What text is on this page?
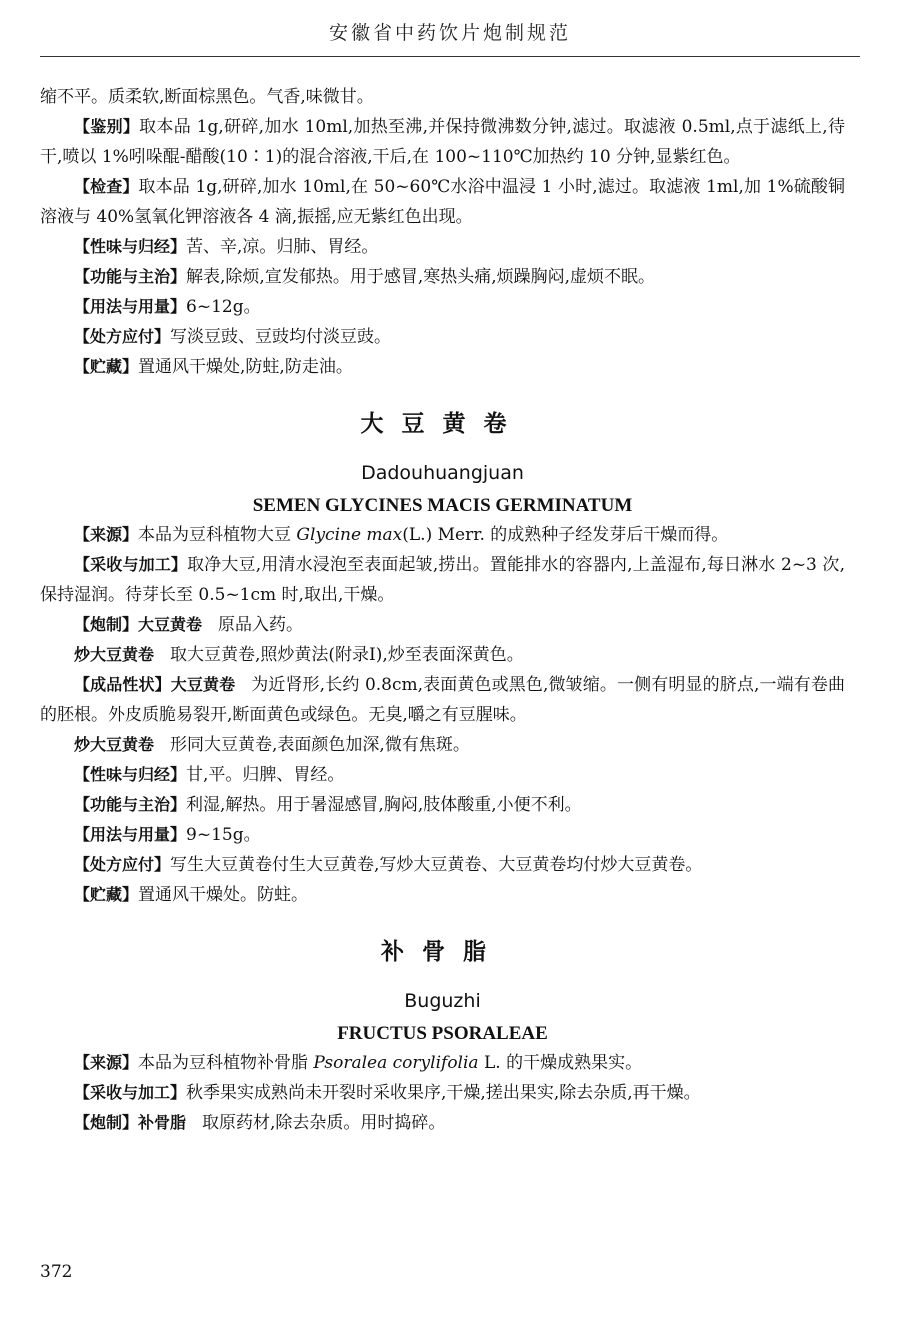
安徽省中药饮片炮制规范

缩不平。质柔软,断面棕黑色。气香,味微甘。

【鉴别】取本品 1g,研碎,加水 10ml,加热至沸,并保持微沸数分钟,滤过。取滤液 0.5ml,点于滤纸上,待干,喷以 1%吲哚醌-醋酸(10∶1)的混合溶液,干后,在 100~110℃加热约 10 分钟,显紫红色。

【检查】取本品 1g,研碎,加水 10ml,在 50~60℃水浴中温浸 1 小时,滤过。取滤液 1ml,加 1%硫酸铜溶液与 40%氢氧化钾溶液各 4 滴,振摇,应无紫红色出现。

【性味与归经】苦、辛,凉。归肺、胃经。

【功能与主治】解表,除烦,宣发郁热。用于感冒,寒热头痛,烦躁胸闷,虚烦不眠。

【用法与用量】6~12g。

【处方应付】写淡豆豉、豆豉均付淡豆豉。

【贮藏】置通风干燥处,防蛀,防走油。

大豆黄卷

Dadouhuangjuan

SEMEN GLYCINES MACIS GERMINATUM

【来源】本品为豆科植物大豆 Glycine max(L.) Merr. 的成熟种子经发芽后干燥而得。

【采收与加工】取净大豆,用清水浸泡至表面起皱,捞出。置能排水的容器内,上盖湿布,每日淋水 2~3 次,保持湿润。待芽长至 0.5~1cm 时,取出,干燥。

【炮制】大豆黄卷 原品入药。

炒大豆黄卷 取大豆黄卷,照炒黄法(附录Ⅰ),炒至表面深黄色。

【成品性状】大豆黄卷 为近肾形,长约 0.8cm,表面黄色或黑色,微皱缩。一侧有明显的脐点,一端有卷曲的胚根。外皮质脆易裂开,断面黄色或绿色。无臭,嚼之有豆腥味。

炒大豆黄卷 形同大豆黄卷,表面颜色加深,微有焦斑。

【性味与归经】甘,平。归脾、胃经。

【功能与主治】利湿,解热。用于暑湿感冒,胸闷,肢体酸重,小便不利。

【用法与用量】9~15g。

【处方应付】写生大豆黄卷付生大豆黄卷,写炒大豆黄卷、大豆黄卷均付炒大豆黄卷。

【贮藏】置通风干燥处。防蛀。

补骨脂

Buguzhi

FRUCTUS PSORALEAE

【来源】本品为豆科植物补骨脂 Psoralea corylifolia L. 的干燥成熟果实。

【采收与加工】秋季果实成熟尚未开裂时采收果序,干燥,搓出果实,除去杂质,再干燥。

【炮制】补骨脂 取原药材,除去杂质。用时捣碎。

372
